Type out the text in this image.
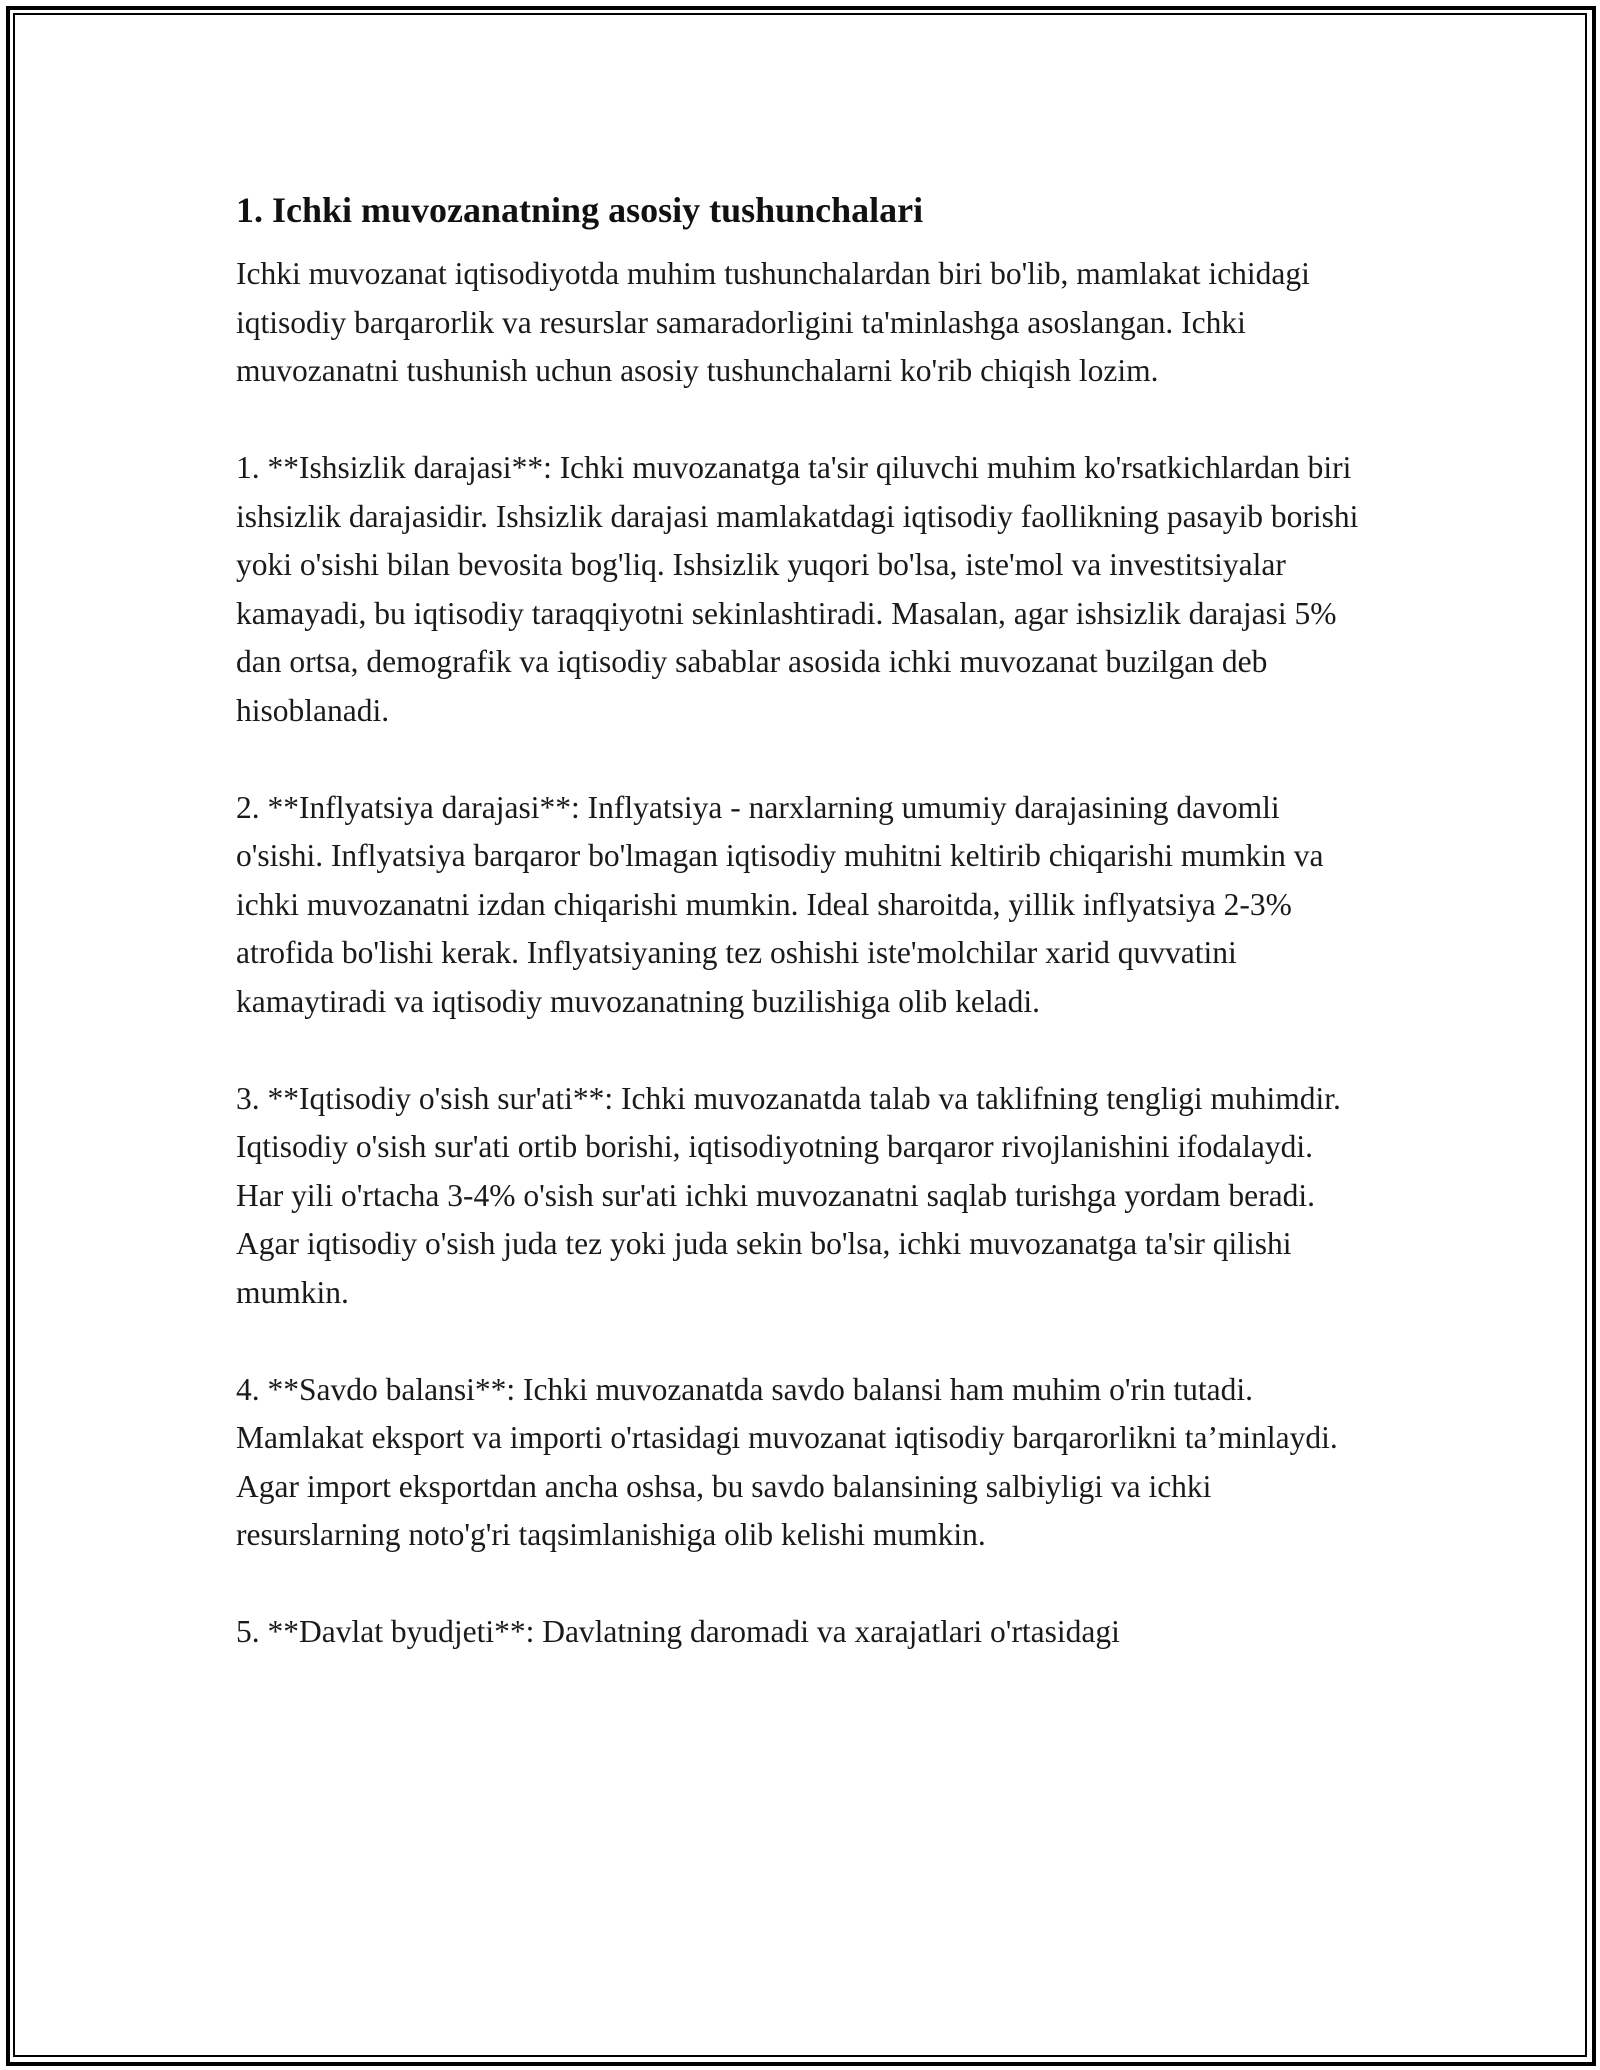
1. Ichki muvozanatning asosiy tushunchalari

Ichki muvozanat iqtisodiyotda muhim tushunchalardan biri bo'lib, mamlakat ichidagi iqtisodiy barqarorlik va resurslar samaradorligini ta'minlashga asoslangan. Ichki muvozanatni tushunish uchun asosiy tushunchalarni ko'rib chiqish lozim.

1. **Ishsizlik darajasi**: Ichki muvozanatga ta'sir qiluvchi muhim ko'rsatkichlardan biri ishsizlik darajasidir. Ishsizlik darajasi mamlakatdagi iqtisodiy faollikning pasayib borishi yoki o'sishi bilan bevosita bog'liq. Ishsizlik yuqori bo'lsa, iste'mol va investitsiyalar kamayadi, bu iqtisodiy taraqqiyotni sekinlashtiradi. Masalan, agar ishsizlik darajasi 5% dan ortsa, demografik va iqtisodiy sabablar asosida ichki muvozanat buzilgan deb hisoblanadi.

2. **Inflyatsiya darajasi**: Inflyatsiya - narxlarning umumiy darajasining davomli o'sishi. Inflyatsiya barqaror bo'lmagan iqtisodiy muhitni keltirib chiqarishi mumkin va ichki muvozanatni izdan chiqarishi mumkin. Ideal sharoitda, yillik inflyatsiya 2-3% atrofida bo'lishi kerak. Inflyatsiyaning tez oshishi iste'molchilar xarid quvvatini kamaytiradi va iqtisodiy muvozanatning buzilishiga olib keladi.

3. **Iqtisodiy o'sish sur'ati**: Ichki muvozanatda talab va taklifning tengligi muhimdir. Iqtisodiy o'sish sur'ati ortib borishi, iqtisodiyotning barqaror rivojlanishini ifodalaydi. Har yili o'rtacha 3-4% o'sish sur'ati ichki muvozanatni saqlab turishga yordam beradi. Agar iqtisodiy o'sish juda tez yoki juda sekin bo'lsa, ichki muvozanatga ta'sir qilishi mumkin.

4. **Savdo balansi**: Ichki muvozanatda savdo balansi ham muhim o'rin tutadi. Mamlakat eksport va importi o'rtasidagi muvozanat iqtisodiy barqarorlikni ta’minlaydi. Agar import eksportdan ancha oshsa, bu savdo balansining salbiyligi va ichki resurslarning noto'g'ri taqsimlanishiga olib kelishi mumkin.

5. **Davlat byudjeti**: Davlatning daromadi va xarajatlari o'rtasidagi
